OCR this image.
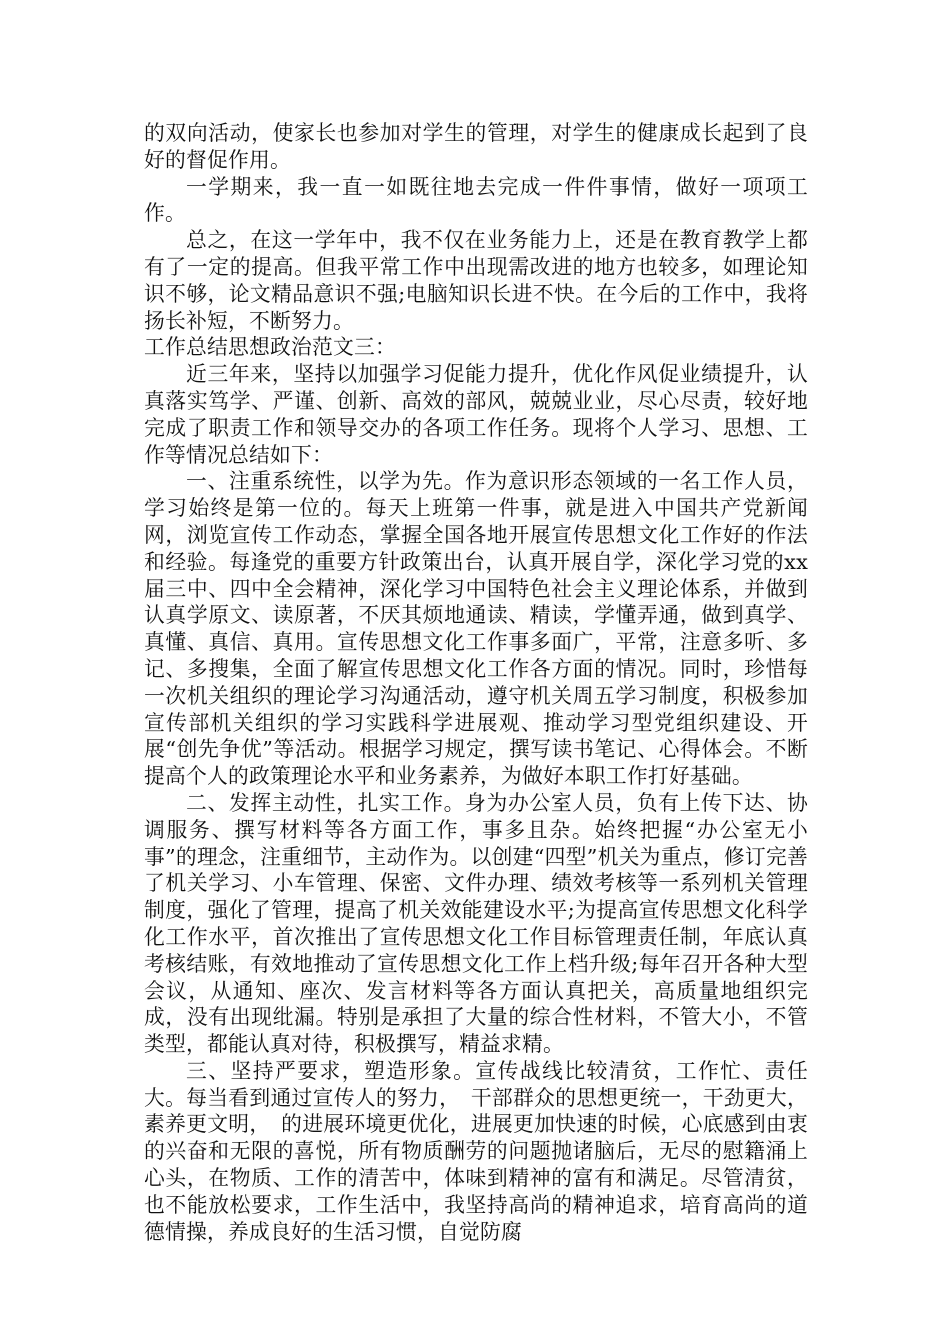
的双向活动，使家长也参加对学生的管理，对学生的健康成长起到了良好的督促作用。

一学期来，我一直一如既往地去完成一件件事情，做好一项项工作。

总之，在这一学年中，我不仅在业务能力上，还是在教育教学上都有了一定的提高。但我平常工作中出现需改进的地方也较多，如理论知识不够，论文精品意识不强;电脑知识长进不快。在今后的工作中，我将扬长补短，不断努力。

工作总结思想政治范文三：

近三年来，坚持以加强学习促能力提升，优化作风促业绩提升，认真落实笃学、严谨、创新、高效的部风，兢兢业业，尽心尽责，较好地完成了职责工作和领导交办的各项工作任务。现将个人学习、思想、工作等情况总结如下：

一、注重系统性，以学为先。作为意识形态领域的一名工作人员，学习始终是第一位的。每天上班第一件事，就是进入中国共产党新闻网，浏览宣传工作动态，掌握全国各地开展宣传思想文化工作好的作法和经验。每逢党的重要方针政策出台，认真开展自学，深化学习党的xx届三中、四中全会精神，深化学习中国特色社会主义理论体系，并做到认真学原文、读原著，不厌其烦地通读、精读，学懂弄通，做到真学、真懂、真信、真用。宣传思想文化工作事多面广，平常，注意多听、多记、多搜集，全面了解宣传思想文化工作各方面的情况。同时，珍惜每一次机关组织的理论学习沟通活动，遵守机关周五学习制度，积极参加宣传部机关组织的学习实践科学进展观、推动学习型党组织建设、开展“创先争优”等活动。根据学习规定，撰写读书笔记、心得体会。不断提高个人的政策理论水平和业务素养，为做好本职工作打好基础。

二、发挥主动性，扎实工作。身为办公室人员，负有上传下达、协调服务、撰写材料等各方面工作，事多且杂。始终把握“办公室无小事”的理念，注重细节，主动作为。以创建“四型”机关为重点，修订完善了机关学习、小车管理、保密、文件办理、绩效考核等一系列机关管理制度，强化了管理，提高了机关效能建设水平;为提高宣传思想文化科学化工作水平，首次推出了宣传思想文化工作目标管理责任制，年底认真考核结账，有效地推动了宣传思想文化工作上档升级;每年召开各种大型会议，从通知、座次、发言材料等各方面认真把关，高质量地组织完成，没有出现纰漏。特别是承担了大量的综合性材料，不管大小，不管类型，都能认真对待，积极撰写，精益求精。

三、坚持严要求，塑造形象。宣传战线比较清贫，工作忙、责任大。每当看到通过宣传人的努力，　干部群众的思想更统一，干劲更大，素养更文明，　的进展环境更优化，进展更加快速的时候，心底感到由衷的兴奋和无限的喜悦，所有物质酬劳的问题抛诸脑后，无尽的慰籍涌上心头，在物质、工作的清苦中，体味到精神的富有和满足。尽管清贫，也不能放松要求，工作生活中，我坚持高尚的精神追求，培育高尚的道德情操，养成良好的生活习惯，自觉防腐
